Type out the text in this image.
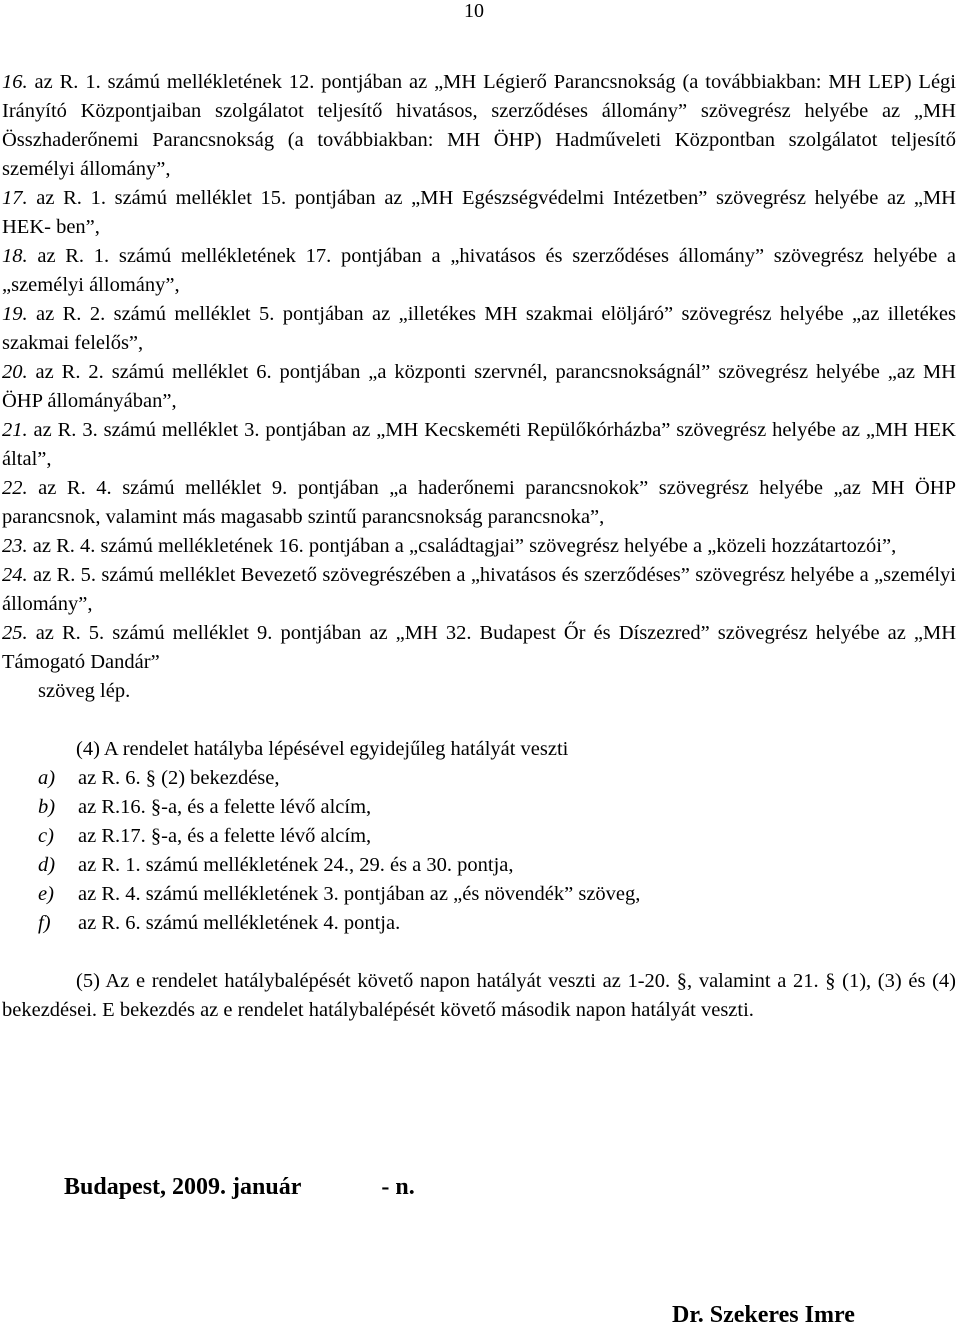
10

16. az R. 1. számú mellékletének 12. pontjában az „MH Légierő Parancsnokság (a továbbiakban: MH LEP) Légi Irányító Központjaiban szolgálatot teljesítő hivatásos, szerződéses állomány” szövegrész helyébe az „MH Összhaderőnemi Parancsnokság (a továbbiakban: MH ÖHP) Hadműveleti Központban szolgálatot teljesítő személyi állomány”,

17. az R. 1. számú melléklet 15. pontjában az „MH Egészségvédelmi Intézetben” szövegrész helyébe az „MH HEK- ben”,

18. az R. 1. számú mellékletének 17. pontjában a „hivatásos és szerződéses állomány” szövegrész helyébe a „személyi állomány”,

19. az R. 2. számú melléklet 5. pontjában az „illetékes MH szakmai elöljáró” szövegrész helyébe „az illetékes szakmai felelős”,

20. az R. 2. számú melléklet 6. pontjában „a központi szervnél, parancsnokságnál” szövegrész helyébe „az MH ÖHP állományában”,

21. az R. 3. számú melléklet 3. pontjában az „MH Kecskeméti Repülőkórházba” szövegrész helyébe az „MH HEK által”,

22. az R. 4. számú melléklet 9. pontjában „a haderőnemi parancsnokok” szövegrész helyébe „az MH ÖHP parancsnok, valamint más magasabb szintű parancsnokság parancsnoka”,

23. az R. 4. számú mellékletének 16. pontjában a „családtagjai” szövegrész helyébe a „közeli hozzátartozói”,

24. az R. 5. számú melléklet Bevezető szövegrészében a „hivatásos és szerződéses” szövegrész helyébe a „személyi állomány”,

25. az R. 5. számú melléklet 9. pontjában az „MH 32. Budapest Őr és Díszezred” szövegrész helyébe az „MH Támogató Dandár”

szöveg lép.

(4) A rendelet hatályba lépésével egyidejűleg hatályát veszti

a) az R. 6. § (2) bekezdése,

b) az R.16. §-a, és a felette lévő alcím,

c) az R.17. §-a, és a felette lévő alcím,

d) az R. 1. számú mellékletének 24., 29. és a 30. pontja,

e) az R. 4. számú mellékletének 3. pontjában az „és növendék” szöveg,

f) az R. 6. számú mellékletének 4. pontja.

(5) Az e rendelet hatálybalépését követő napon hatályát veszti az 1-20. §, valamint a 21. § (1), (3) és (4) bekezdései. E bekezdés az e rendelet hatálybalépését követő második napon hatályát veszti.

Budapest, 2009. január	- n.
Dr. Szekeres Imre
